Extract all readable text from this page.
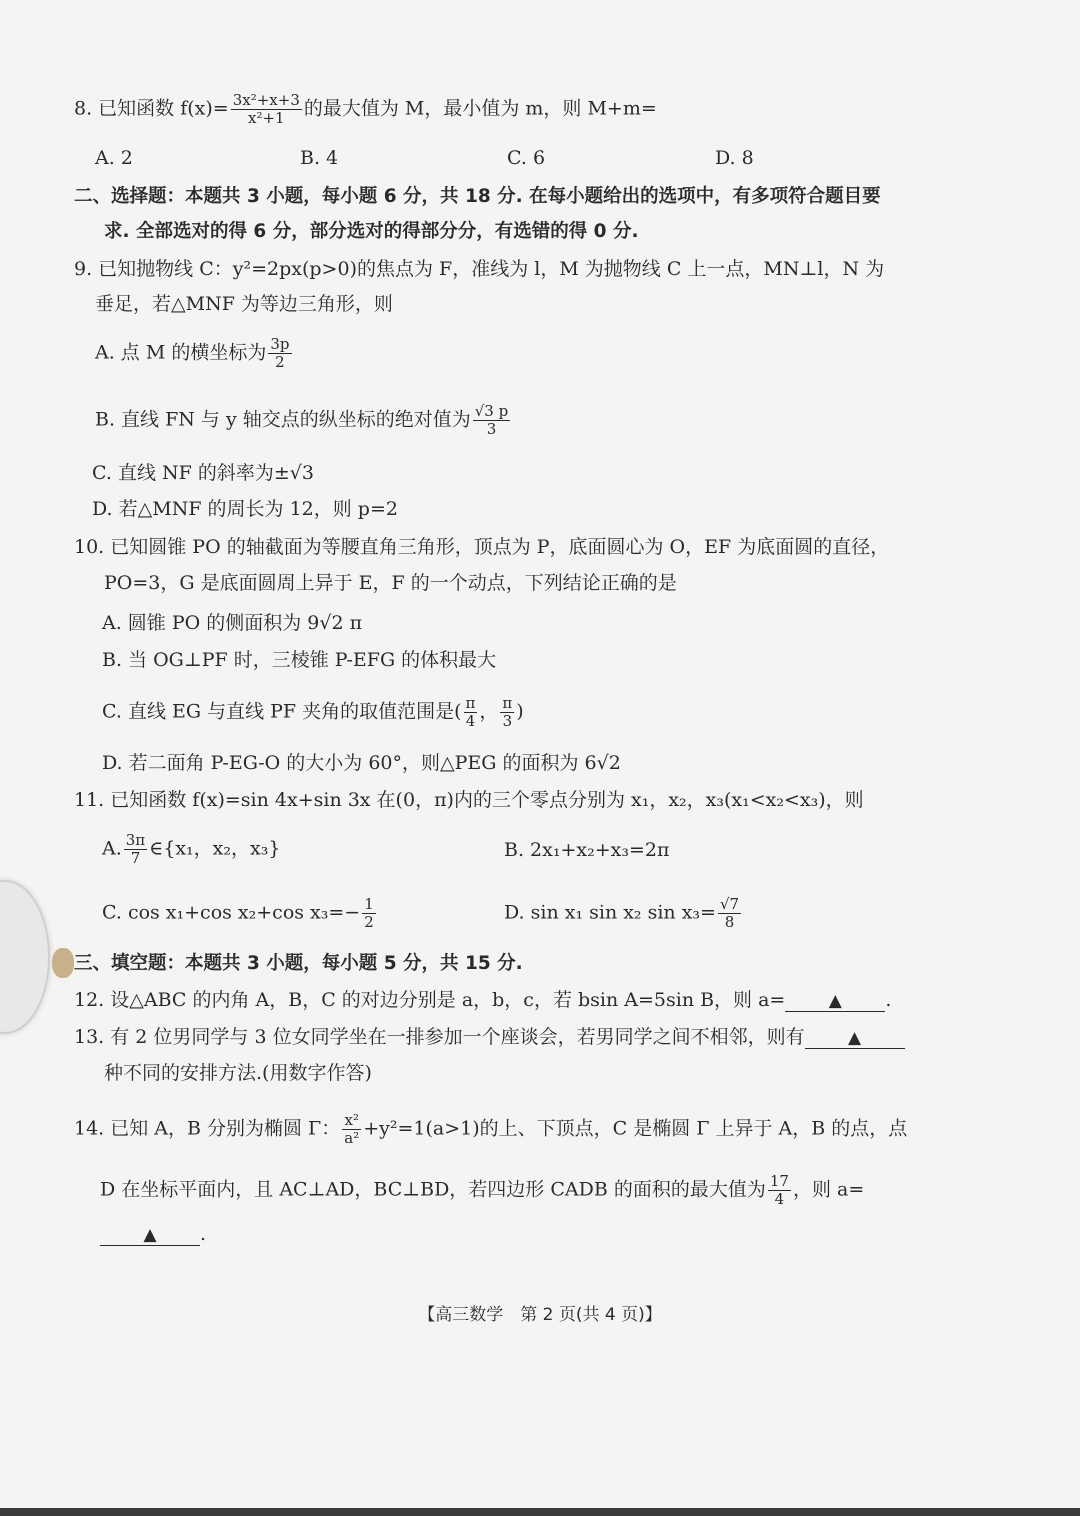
8. 已知函数 $f(x)= \frac{\text{3x²+x+3}}{\text{x²+1}}$ 的最大值为 M，最小值为 m，则 M+m=
A. 2	B. 4	C. 6	D. 8
二、选择题：本题共 3 小题，每小题 6 分，共 18 分. 在每小题给出的选项中，有多项符合题目要
求. 全部选对的得 6 分，部分选对的得部分分，有选错的得 0 分.
9. 已知抛物线 C：y²=2px(p>0)的焦点为 F，准线为 l，M 为抛物线 C 上一点，MN⊥l，N 为
垂足，若△MNF 为等边三角形，则
A. 点 M 的横坐标为 $\frac{3p}{2}$
B. 直线 FN 与 y 轴交点的纵坐标的绝对值为 $\frac{√3 p}{3}$
C. 直线 NF 的斜率为±√3
D. 若△MNF 的周长为 12，则 p=2
10. 已知圆锥 PO 的轴截面为等腰直角三角形，顶点为 P，底面圆心为 O，EF 为底面圆的直径，
PO=3，G 是底面圆周上异于 E，F 的一个动点，下列结论正确的是
A. 圆锥 PO 的侧面积为 9√2 π
B. 当 OG⊥PF 时，三棱锥 P-EFG 的体积最大
C. 直线 EG 与直线 PF 夹角的取值范围是( $\frac{\pi}{4}$ ， $\frac{\pi}{3}$ )
D. 若二面角 P-EG-O 的大小为 60°，则△PEG 的面积为 6√2
11. 已知函数 f(x)=sin 4x+sin 3x 在(0，π)内的三个零点分别为 x₁，x₂，x₃(x₁<x₂<x₃)，则
A. $\frac{3\pi}{7}$ ∈{x₁，x₂，x₃}	B. 2x₁+x₂+x₃=2π
C. cos x₁+cos x₂+cos $x_3=- \frac{1}{2}$	D. sin x₁ sin x₂ $\sin x_3= \frac{√7}{8}$
三、填空题：本题共 3 小题，每小题 5 分，共 15 分.
12. 设△ABC 的内角 A，B，C 的对边分别是 a，b，c，若 bsin A=5sin B，则 a=	▲ .
13. 有 2 位男同学与 3 位女同学坐在一排参加一个座谈会，若男同学之间不相邻，则有	▲
种不同的安排方法.(用数字作答)
14. 已知 A，B 分别为椭圆 Γ： $\frac{\text{x²}}{\text{a²}} +y^2=1(a>1)$的上、下顶点，C 是椭圆 Γ 上异于 A，B 的点，点
D 在坐标平面内，且 AC⊥AD，BC⊥BD，若四边形 CADB 的面积的最大值为 $\frac{17}{4}$ ，则 a=
▲ .
【高三数学　第 2 页(共 4 页)】
